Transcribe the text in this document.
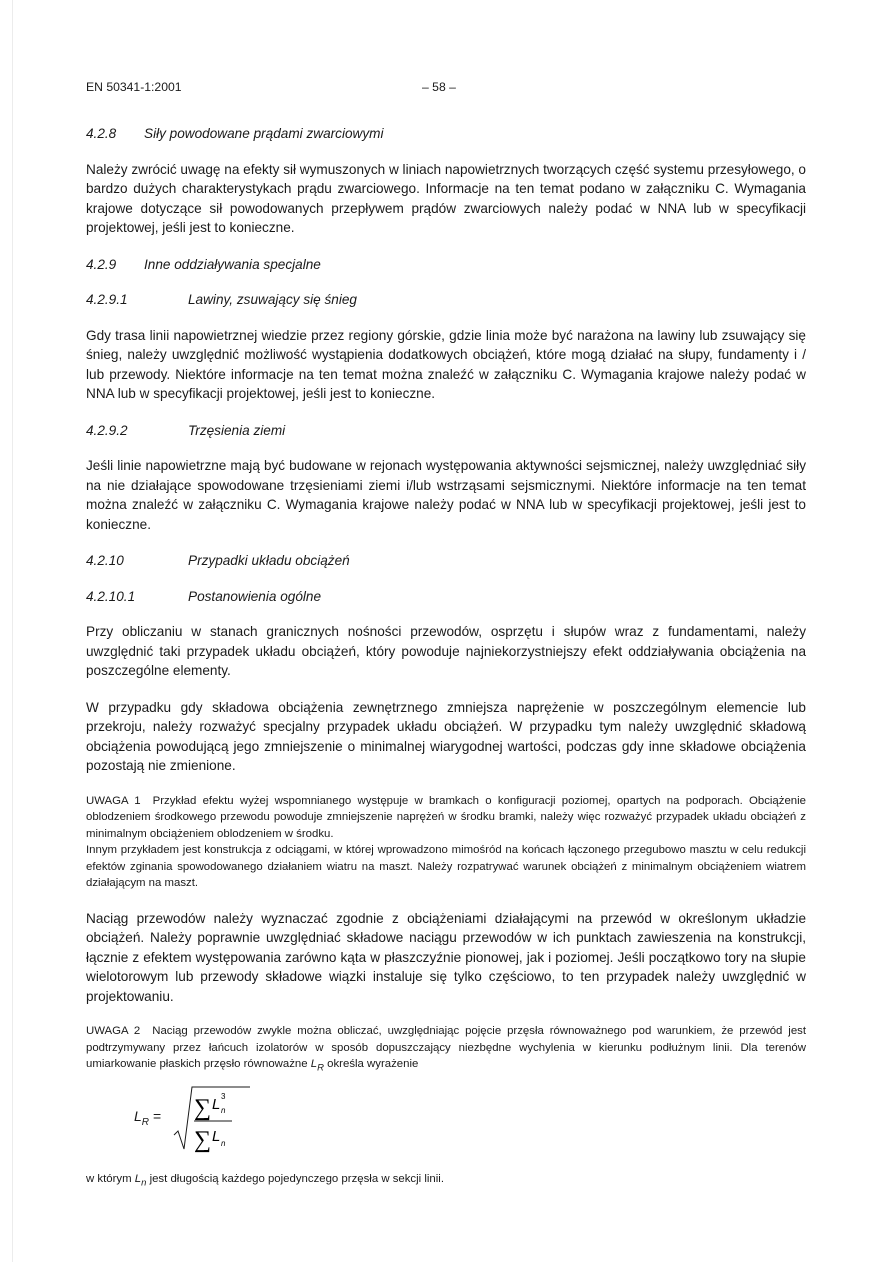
EN 50341-1:2001	– 58 –
4.2.8	Siły powodowane prądami zwarciowymi

Należy zwrócić uwagę na efekty sił wymuszonych w liniach napowietrznych tworzących część systemu przesyłowego, o bardzo dużych charakterystykach prądu zwarciowego. Informacje na ten temat podano w załączniku C. Wymagania krajowe dotyczące sił powodowanych przepływem prądów zwarciowych należy podać w NNA lub w specyfikacji projektowej, jeśli jest to konieczne.

4.2.9	Inne oddziaływania specjalne
4.2.9.1	Lawiny, zsuwający się śnieg

Gdy trasa linii napowietrznej wiedzie przez regiony górskie, gdzie linia może być narażona na lawiny lub zsuwający się śnieg, należy uwzględnić możliwość wystąpienia dodatkowych obciążeń, które mogą działać na słupy, fundamenty i / lub przewody. Niektóre informacje na ten temat można znaleźć w załączniku C. Wymagania krajowe należy podać w NNA lub w specyfikacji projektowej, jeśli jest to konieczne.

4.2.9.2	Trzęsienia ziemi

Jeśli linie napowietrzne mają być budowane w rejonach występowania aktywności sejsmicznej, należy uwzględniać siły na nie działające spowodowane trzęsieniami ziemi i/lub wstrząsami sejsmicznymi. Niektóre informacje na ten temat można znaleźć w załączniku C. Wymagania krajowe należy podać w NNA lub w specyfikacji projektowej, jeśli jest to konieczne.

4.2.10	Przypadki układu obciążeń
4.2.10.1	Postanowienia ogólne

Przy obliczaniu w stanach granicznych nośności przewodów, osprzętu i słupów wraz z fundamentami, należy uwzględnić taki przypadek układu obciążeń, który powoduje najniekorzystniejszy efekt oddziaływania obciążenia na poszczególne elementy.

W przypadku gdy składowa obciążenia zewnętrznego zmniejsza naprężenie w poszczególnym elemencie lub przekroju, należy rozważyć specjalny przypadek układu obciążeń. W przypadku tym należy uwzględnić składową obciążenia powodującą jego zmniejszenie o minimalnej wiarygodnej wartości, podczas gdy inne składowe obciążenia pozostają nie zmienione.

UWAGA 1 Przykład efektu wyżej wspomnianego występuje w bramkach o konfiguracji poziomej, opartych na podporach. Obciążenie oblodzeniem środkowego przewodu powoduje zmniejszenie naprężeń w środku bramki, należy więc rozważyć przypadek układu obciążeń z minimalnym obciążeniem oblodzeniem w środku.

Innym przykładem jest konstrukcja z odciągami, w której wprowadzono mimośród na końcach łączonego przegubowo masztu w celu redukcji efektów zginania spowodowanego działaniem wiatru na maszt. Należy rozpatrywać warunek obciążeń z minimalnym obciążeniem wiatrem działającym na maszt.

Naciąg przewodów należy wyznaczać zgodnie z obciążeniami działającymi na przewód w określonym układzie obciążeń. Należy poprawnie uwzględniać składowe naciągu przewodów w ich punktach zawieszenia na konstrukcji, łącznie z efektem występowania zarówno kąta w płaszczyźnie pionowej, jak i poziomej. Jeśli początkowo tory na słupie wielotorowym lub przewody składowe wiązki instaluje się tylko częściowo, to ten przypadek należy uwzględnić w projektowaniu.

UWAGA 2 Naciąg przewodów zwykle można obliczać, uwzględniając pojęcie przęsła równoważnego pod warunkiem, że przewód jest podtrzymywany przez łańcuch izolatorów w sposób dopuszczający niezbędne wychylenia w kierunku podłużnym linii. Dla terenów umiarkowanie płaskich przęsło równoważne $L_R$ określa wyrażenie

$L_R$ = ∑ L 3
n
∑ L n

w którym $L_n$ jest długością każdego pojedynczego przęsła w sekcji linii.
